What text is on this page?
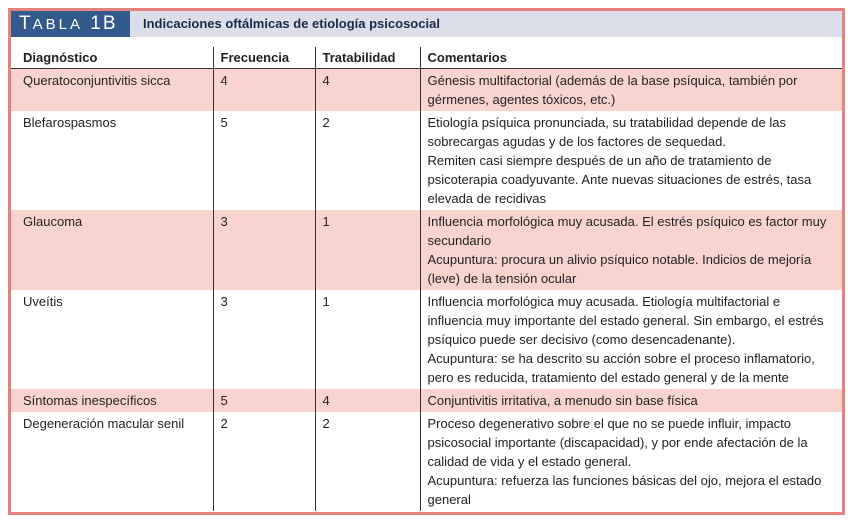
TABLA 1B	Indicaciones oftálmicas de etiología psicosocial
Diagnóstico	Frecuencia	Tratabilidad	Comentarios
Queratoconjuntivitis sicca	4	4	Génesis multifactorial (además de la base psíquica, también por gérmenes, agentes tóxicos, etc.)

Blefarospasmos	5	2	Etiología psíquica pronunciada, su tratabilidad depende de las sobrecargas agudas y de los factores de sequedad.
Remiten casi siempre después de un año de tratamiento de psicoterapia coadyuvante. Ante nuevas situaciones de estrés, tasa elevada de recidivas

Glaucoma	3	1	Influencia morfológica muy acusada. El estrés psíquico es factor muy secundario
Acupuntura: procura un alivio psíquico notable. Indicios de mejoría (leve) de la tensión ocular

Uveítis	3	1	Influencia morfológica muy acusada. Etiología multifactorial e influencia muy importante del estado general. Sin embargo, el estrés psíquico puede ser decisivo (como desencadenante).
Acupuntura: se ha descrito su acción sobre el proceso inflamatorio, pero es reducida, tratamiento del estado general y de la mente

Síntomas inespecíficos	5	4	Conjuntivitis irritativa, a menudo sin base física

Degeneración macular senil	2	2	Proceso degenerativo sobre el que no se puede influir, impacto psicosocial importante (discapacidad), y por ende afectación de la calidad de vida y el estado general.
Acupuntura: refuerza las funciones básicas del ojo, mejora el estado general
